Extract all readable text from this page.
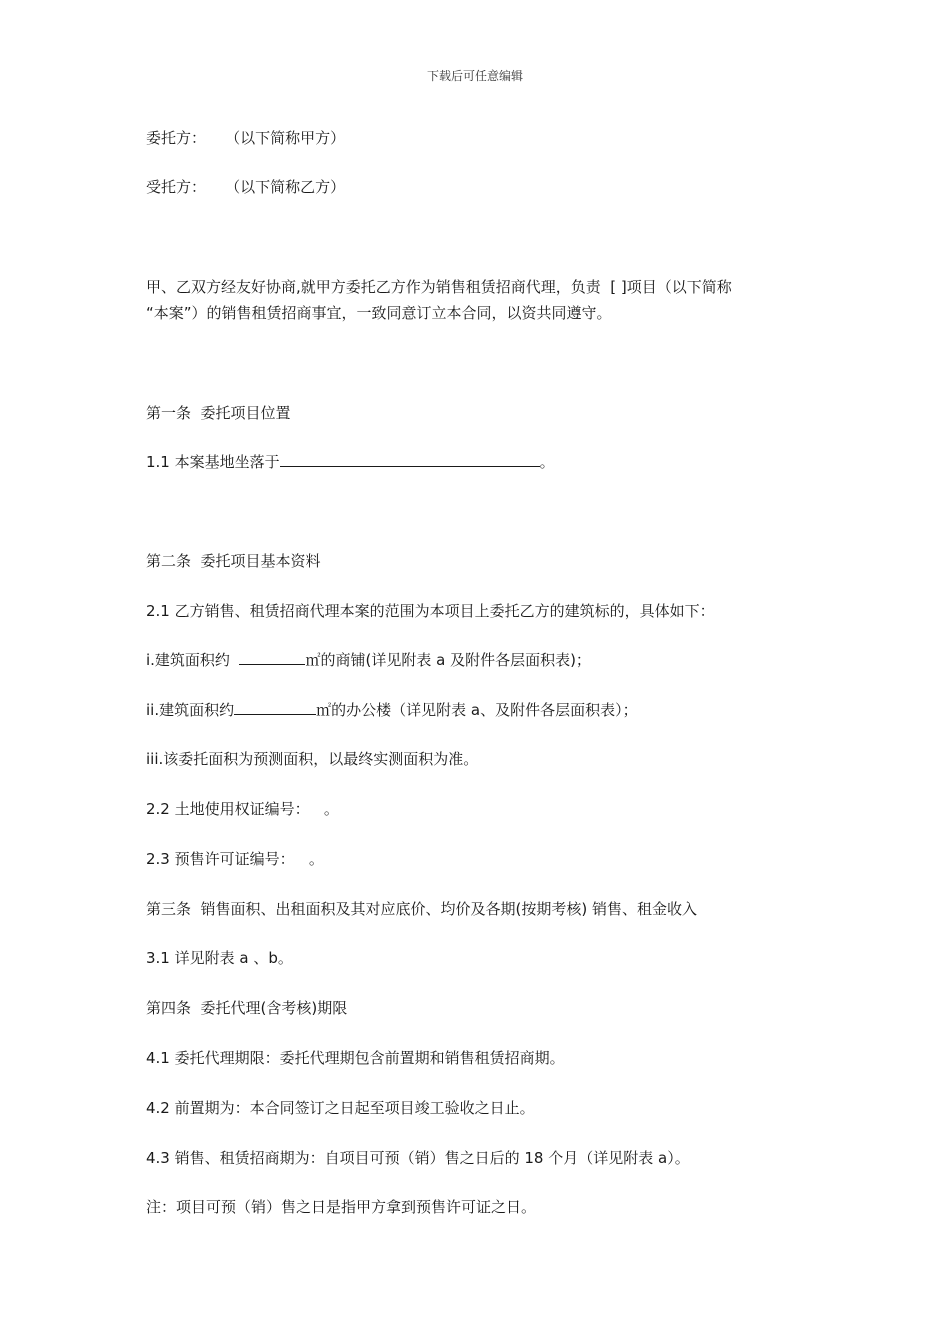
下载后可任意编辑
委托方： （以下简称甲方）
受托方： （以下简称乙方）
甲、乙双方经友好协商,就甲方委托乙方作为销售租赁招商代理，负责  [ ]项目（以下简称
“本案”）的销售租赁招商事宜，一致同意订立本合同，以资共同遵守。
第一条  委托项目位置
1.1 本案基地坐落于	。
第二条  委托项目基本资料
2.1 乙方销售、租赁招商代理本案的范围为本项目上委托乙方的建筑标的，具体如下：
i.建筑面积约	㎡的商铺(详见附表 a 及附件各层面积表)；
ii.建筑面积约	㎡的办公楼（详见附表 a、及附件各层面积表）；
iii.该委托面积为预测面积，以最终实测面积为准。
2.2 土地使用权证编号：   。
2.3 预售许可证编号：   。
第三条  销售面积、出租面积及其对应底价、均价及各期(按期考核) 销售、租金收入
3.1 详见附表 a 、b。
第四条  委托代理(含考核)期限
4.1 委托代理期限：委托代理期包含前置期和销售租赁招商期。
4.2 前置期为：本合同签订之日起至项目竣工验收之日止。
4.3 销售、租赁招商期为：自项目可预（销）售之日后的 18 个月（详见附表 a）。
注：项目可预（销）售之日是指甲方拿到预售许可证之日。
